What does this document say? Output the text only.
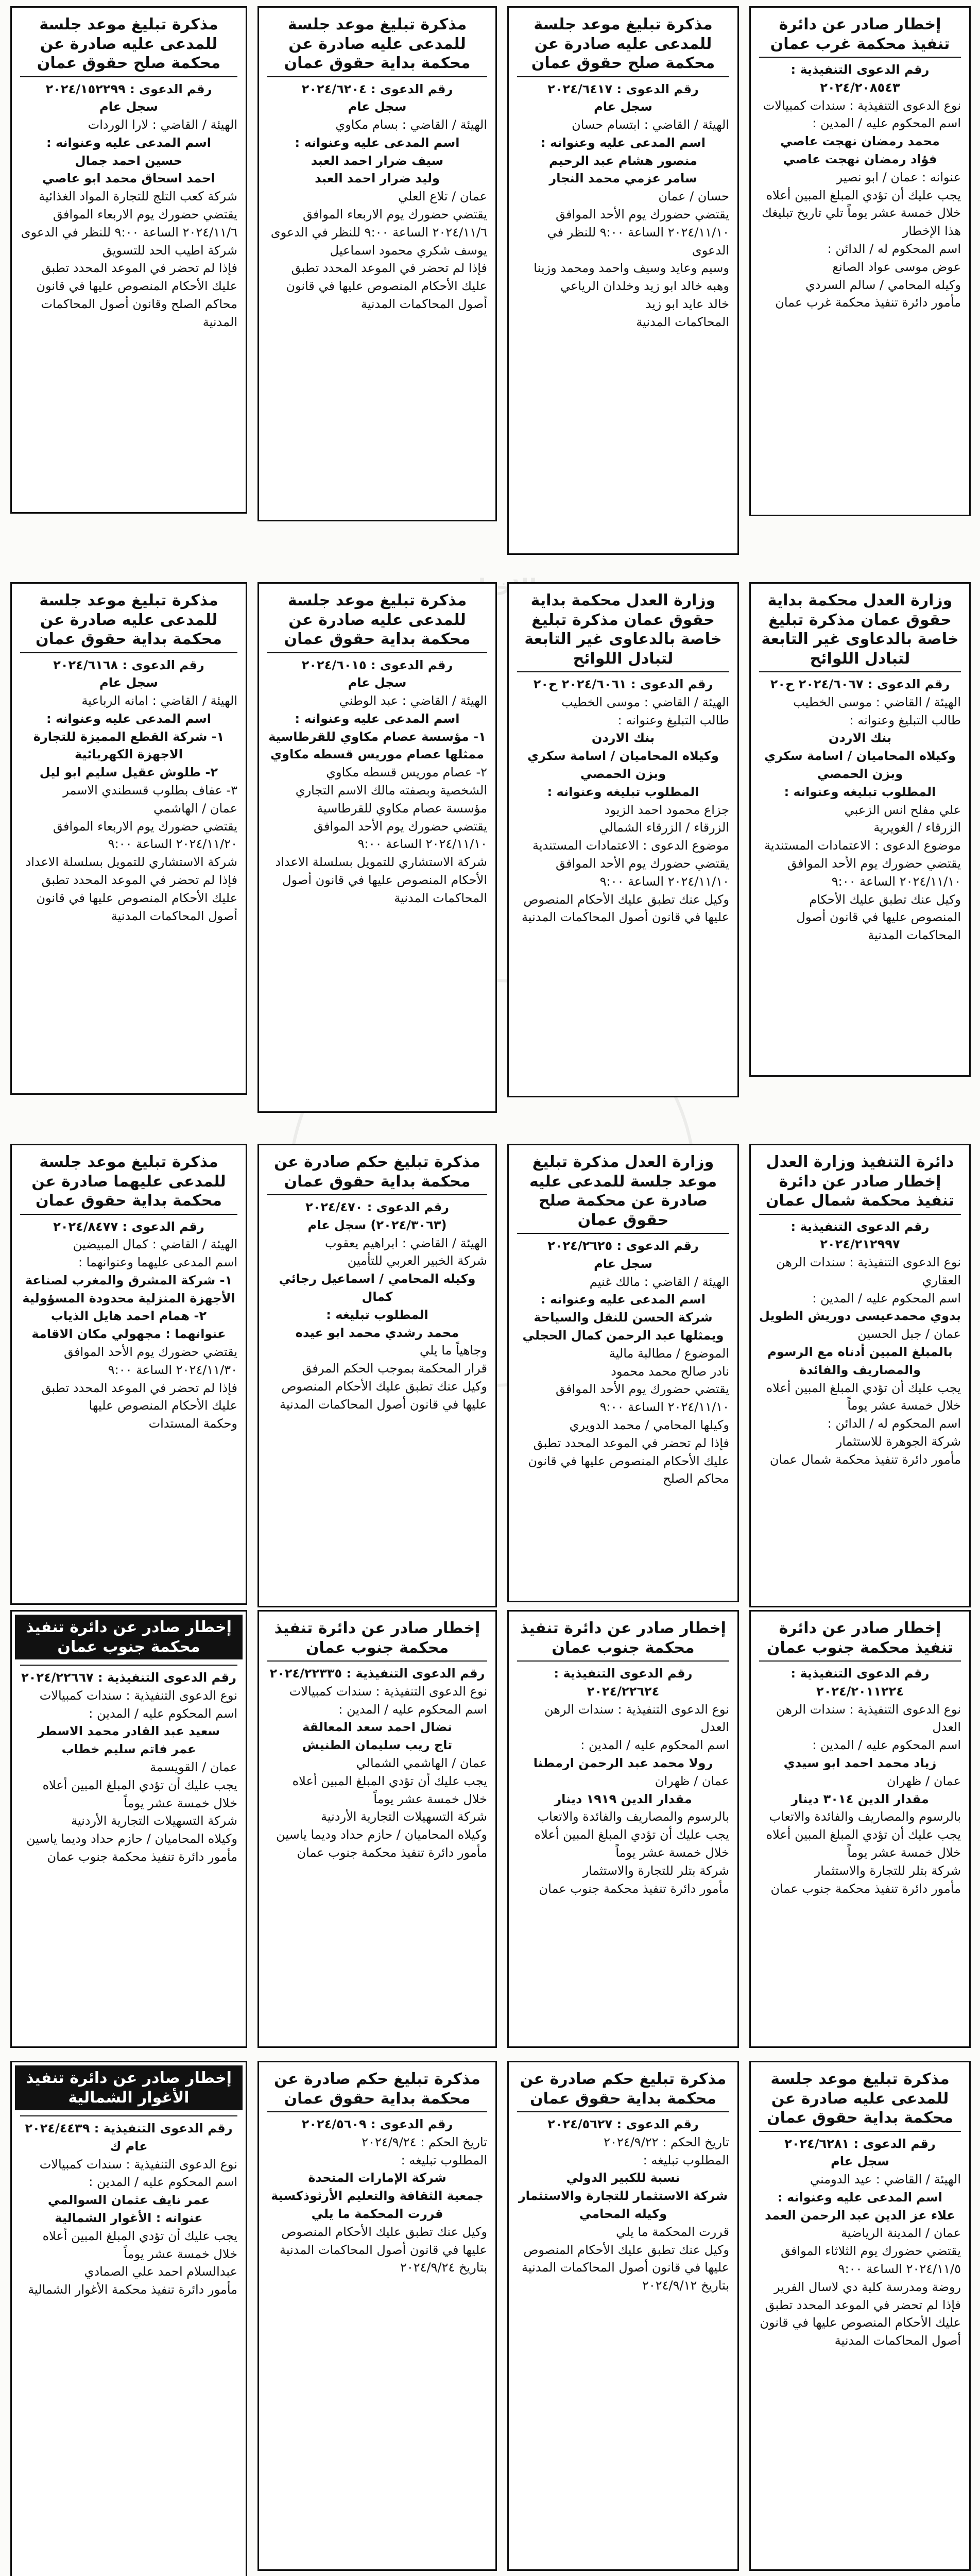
إخطار صادر عن دائرة تنفيذ محكمة غرب عمان
رقم الدعوى التنفيذية : ٢٠٢٤/٢٠٨٥٤٣
نوع الدعوى التنفيذية : سندات كمبيالات
اسم المحكوم عليه / المدين :
محمد رمضان نهجت عاصي
فؤاد رمضان نهجت عاصي
عنوانه : عمان / ابو نصير
يجب عليك أن تؤدي المبلغ المبين أعلاه خلال خمسة عشر يوماً تلي تاريخ تبليغك هذا الإخطار
اسم المحكوم له / الدائن :
عوض موسى عواد الصانع
وكيله المحامي / سالم السردي
مأمور دائرة تنفيذ محكمة غرب عمان
مذكرة تبليغ موعد جلسة للمدعى عليه صادرة عن محكمة صلح حقوق عمان
رقم الدعوى : ٢٠٢٤/٦٤١٧
سجل عام
الهيئة / القاضي : ابتسام حسان
اسم المدعى عليه وعنوانه :
منصور هشام عبد الرحيم
سامر عزمي محمد النجار
حسان / عمان
يقتضي حضورك يوم الأحد الموافق ٢٠٢٤/١١/١٠ الساعة ٩:٠٠ للنظر في الدعوى
وسيم وعايد وسيف واحمد ومحمد وزينا
وهبه خالد ابو زيد وخلدان الرياعي
خالد عايد ابو زيد
المحاكمات المدنية
مذكرة تبليغ موعد جلسة للمدعى عليه صادرة عن محكمة بداية حقوق عمان
رقم الدعوى : ٢٠٢٤/٦٢٠٤
سجل عام
الهيئة / القاضي : بسام مكاوي
اسم المدعى عليه وعنوانه :
سيف ضرار احمد العبد
وليد ضرار احمد العبد
عمان / تلاع العلي
يقتضي حضورك يوم الاربعاء الموافق ٢٠٢٤/١١/٦ الساعة ٩:٠٠ للنظر في الدعوى
يوسف شكري محمود اسماعيل
فإذا لم تحضر في الموعد المحدد تطبق عليك الأحكام المنصوص عليها في قانون أصول المحاكمات المدنية
مذكرة تبليغ موعد جلسة للمدعى عليه صادرة عن محكمة صلح حقوق عمان
رقم الدعوى : ٢٠٢٤/١٥٢٢٩٩
سجل عام
الهيئة / القاضي : لارا الوردات
اسم المدعى عليه وعنوانه :
حسين احمد جمال
احمد اسحاق محمد ابو عاصي
شركة كعب التلج للتجارة المواد الغذائية
يقتضي حضورك يوم الاربعاء الموافق ٢٠٢٤/١١/٦ الساعة ٩:٠٠ للنظر في الدعوى
شركة اطيب الحد للتسويق
فإذا لم تحضر في الموعد المحدد تطبق عليك الأحكام المنصوص عليها في قانون محاكم الصلح وقانون أصول المحاكمات المدنية
وزارة العدل محكمة بداية حقوق عمان مذكرة تبليغ خاصة بالدعاوى غير التابعة لتبادل اللوائح
رقم الدعوى : ٢٠٢٤/٦٠٦٧ ح٢٠
الهيئة / القاضي : موسى الخطيب
طالب التبليغ وعنوانه :
بنك الاردن
وكيلاه المحاميان / اسامة سكري وبزن الحمصي
المطلوب تبليغه وعنوانه :
علي مفلح انس الزعبي
الزرقاء / الغويرية
موضوع الدعوى : الاعتمادات المستندية
يقتضي حضورك يوم الأحد الموافق ٢٠٢٤/١١/١٠ الساعة ٩:٠٠
وكيل عنك تطبق عليك الأحكام المنصوص عليها في قانون أصول المحاكمات المدنية
وزارة العدل محكمة بداية حقوق عمان مذكرة تبليغ خاصة بالدعاوى غير التابعة لتبادل اللوائح
رقم الدعوى : ٢٠٢٤/٦٠٦١ ح٢٠
الهيئة / القاضي : موسى الخطيب
طالب التبليغ وعنوانه :
بنك الاردن
وكيلاه المحاميان / اسامة سكري وبزن الحمصي
المطلوب تبليغه وعنوانه :
جزاع محمود احمد الزيود
الزرقاء / الزرقاء الشمالي
موضوع الدعوى : الاعتمادات المستندية
يقتضي حضورك يوم الأحد الموافق ٢٠٢٤/١١/١٠ الساعة ٩:٠٠
وكيل عنك تطبق عليك الأحكام المنصوص عليها في قانون أصول المحاكمات المدنية
مذكرة تبليغ موعد جلسة للمدعى عليه صادرة عن محكمة بداية حقوق عمان
رقم الدعوى : ٢٠٢٤/٦٠١٥
سجل عام
الهيئة / القاضي : عبد الوطني
اسم المدعى عليه وعنوانه :
١- مؤسسة عصام مكاوي للقرطاسية
ممثلها عصام موريس قسطه مكاوي
٢- عصام موريس قسطه مكاوي
الشخصية وبصفته مالك الاسم التجاري
مؤسسة عصام مكاوي للقرطاسية
يقتضي حضورك يوم الأحد الموافق ٢٠٢٤/١١/١٠ الساعة ٩:٠٠
شركة الاستشاري للتمويل بسلسلة الاعداد
الأحكام المنصوص عليها في قانون أصول المحاكمات المدنية
مذكرة تبليغ موعد جلسة للمدعى عليه صادرة عن محكمة بداية حقوق عمان
رقم الدعوى : ٢٠٢٤/٦١٦٨
سجل عام
الهيئة / القاضي : امانه الرباعية
اسم المدعى عليه وعنوانه :
١- شركة القطع المميزة للتجارة الاجهزة الكهربائية
٢- طلوش عقيل سليم ابو ليل
٣- عفاف بطلوب قسطندي الاسمر
عمان / الهاشمي
يقتضي حضورك يوم الاربعاء الموافق ٢٠٢٤/١١/٢٠ الساعة ٩:٠٠
شركة الاستشاري للتمويل بسلسلة الاعداد
فإذا لم تحضر في الموعد المحدد تطبق عليك الأحكام المنصوص عليها في قانون أصول المحاكمات المدنية
دائرة التنفيذ وزارة العدل إخطار صادر عن دائرة تنفيذ محكمة شمال عمان
رقم الدعوى التنفيذية : ٢٠٢٤/٢١٢٩٩٧
نوع الدعوى التنفيذية : سندات الرهن العقاري
اسم المحكوم عليه / المدين :
بدوي محمدعيسى دوريش الطويل
عمان / جبل الحسين
بالمبلغ المبين أدناه مع الرسوم والمصاريف والفائدة
يجب عليك أن تؤدي المبلغ المبين أعلاه خلال خمسة عشر يوماً
اسم المحكوم له / الدائن :
شركة الجوهرة للاستثمار
مأمور دائرة تنفيذ محكمة شمال عمان
وزارة العدل مذكرة تبليغ موعد جلسة للمدعى عليه صادرة عن محكمة صلح حقوق عمان
رقم الدعوى : ٢٠٢٤/٢٦٢٥
سجل عام
الهيئة / القاضي : مالك غنيم
اسم المدعى عليه وعنوانه :
شركة الحسن للنقل والسياحة
ويمثلها عبد الرحمن كمال الحجلي
الموضوع / مطالبة مالية
نادر صالح محمد محمود
يقتضي حضورك يوم الأحد الموافق ٢٠٢٤/١١/١٠ الساعة ٩:٠٠
وكيلها المحامي / محمد الدويري
فإذا لم تحضر في الموعد المحدد تطبق عليك الأحكام المنصوص عليها في قانون محاكم الصلح
مذكرة تبليغ حكم صادرة عن محكمة بداية حقوق عمان
رقم الدعوى : ٢٠٢٤/٤٧٠ (٢٠٢٤/٣٠٦٣) سجل عام
الهيئة / القاضي : ابراهيم يعقوب
شركة الخبير العربي للتأمين
وكيله المحامي / اسماعيل رجائي كمال
المطلوب تبليغه :
محمد رشدي محمد ابو عيده
وجاهياً ما يلي
قرار المحكمة بموجب الحكم المرفق
وكيل عنك تطبق عليك الأحكام المنصوص عليها في قانون أصول المحاكمات المدنية
مذكرة تبليغ موعد جلسة للمدعى عليهما صادرة عن محكمة بداية حقوق عمان
رقم الدعوى : ٢٠٢٤/٨٤٧٧
الهيئة / القاضي : كمال المبيضين
اسم المدعى عليهما وعنوانهما :
١- شركة المشرق والمغرب لصناعة الأجهزة المنزلية محدودة المسؤولية
٢- همام احمد هايل الذياب
عنوانهما : مجهولي مكان الاقامة
يقتضي حضورك يوم الأحد الموافق ٢٠٢٤/١١/٣٠ الساعة ٩:٠٠
فإذا لم تحضر في الموعد المحدد تطبق عليك الأحكام المنصوص عليها
وحكمة المستدات
إخطار صادر عن دائرة تنفيذ محكمة جنوب عمان
رقم الدعوى التنفيذية : ٢٠٢٤/٢٠١١٢٢٤
نوع الدعوى التنفيذية : سندات الرهن العدل
اسم المحكوم عليه / المدين :
زياد محمد احمد ابو سيدي
عمان / ظهران
مقدار الدين ٣٠١٤ دينار
بالرسوم والمصاريف والفائدة والاتعاب
يجب عليك أن تؤدي المبلغ المبين أعلاه خلال خمسة عشر يوماً
شركة بتلر للتجارة والاستثمار
مأمور دائرة تنفيذ محكمة جنوب عمان
إخطار صادر عن دائرة تنفيذ محكمة جنوب عمان
رقم الدعوى التنفيذية : ٢٠٢٤/٢٢٦٢٤
نوع الدعوى التنفيذية : سندات الرهن العدل
اسم المحكوم عليه / المدين :
رولا محمد عبد الرحمن ارمطنا
عمان / ظهران
مقدار الدين ١٩١٩ دينار
بالرسوم والمصاريف والفائدة والاتعاب
يجب عليك أن تؤدي المبلغ المبين أعلاه خلال خمسة عشر يوماً
شركة بتلر للتجارة والاستثمار
مأمور دائرة تنفيذ محكمة جنوب عمان
إخطار صادر عن دائرة تنفيذ محكمة جنوب عمان
رقم الدعوى التنفيذية : ٢٠٢٤/٢٢٣٣٥
نوع الدعوى التنفيذية : سندات كمبيالات
اسم المحكوم عليه / المدين :
نضال احمد سعد المعالقة
تاج ريب سليمان الطنيش
عمان / الهاشمي الشمالي
يجب عليك أن تؤدي المبلغ المبين أعلاه خلال خمسة عشر يوماً
شركة التسهيلات التجارية الأردنية
وكيلاه المحاميان / حازم حداد وديما ياسين
مأمور دائرة تنفيذ محكمة جنوب عمان
إخطار صادر عن دائرة تنفيذ محكمة جنوب عمان
رقم الدعوى التنفيذية : ٢٠٢٤/٢٢٦٦٧
نوع الدعوى التنفيذية : سندات كمبيالات
اسم المحكوم عليه / المدين :
سعيد عبد القادر محمد الاسطر
عمر فاتم سليم خطاب
عمان / القويسمة
يجب عليك أن تؤدي المبلغ المبين أعلاه خلال خمسة عشر يوماً
شركة التسهيلات التجارية الأردنية
وكيلاه المحاميان / حازم حداد وديما ياسين
مأمور دائرة تنفيذ محكمة جنوب عمان
مذكرة تبليغ موعد جلسة للمدعى عليه صادرة عن محكمة بداية حقوق عمان
رقم الدعوى : ٢٠٢٤/٦٢٨١
سجل عام
الهيئة / القاضي : عيد الدومني
اسم المدعى عليه وعنوانه :
علاء عز الدين عبد الرحمن العمد
عمان / المدينة الرياضية
يقتضي حضورك يوم الثلاثاء الموافق ٢٠٢٤/١١/٥ الساعة ٩:٠٠
روضة ومدرسة كلية دي لاسال الفرير
فإذا لم تحضر في الموعد المحدد تطبق عليك الأحكام المنصوص عليها في قانون أصول المحاكمات المدنية
مذكرة تبليغ حكم صادرة عن محكمة بداية حقوق عمان
رقم الدعوى : ٢٠٢٤/٥٦٢٧
تاريخ الحكم : ٢٠٢٤/٩/٢٢
المطلوب تبليغه :
نسبة للكبير الدولي
شركة الاستثمار للتجارة والاستثمار
وكيله المحامي
قررت المحكمة ما يلي
وكيل عنك تطبق عليك الأحكام المنصوص عليها في قانون أصول المحاكمات المدنية
بتاريخ ٢٠٢٤/٩/١٢
مذكرة تبليغ حكم صادرة عن محكمة بداية حقوق عمان
رقم الدعوى : ٢٠٢٤/٥٦٠٩
تاريخ الحكم : ٢٠٢٤/٩/٢٤
المطلوب تبليغه :
شركة الإمارات المتحدة
جمعية الثقافة والتعليم الأرثوذكسية
قررت المحكمة ما يلي
وكيل عنك تطبق عليك الأحكام المنصوص عليها في قانون أصول المحاكمات المدنية
بتاريخ ٢٠٢٤/٩/٢٤
إخطار صادر عن دائرة تنفيذ الأغوار الشمالية
رقم الدعوى التنفيذية : ٢٠٢٤/٤٤٣٩ عام ك
نوع الدعوى التنفيذية : سندات كمبيالات
اسم المحكوم عليه / المدين :
عمر نايف عثمان السوالمي
عنوانه : الأغوار الشمالية
يجب عليك أن تؤدي المبلغ المبين أعلاه خلال خمسة عشر يوماً
عبدالسلام احمد علي الصمادي
مأمور دائرة تنفيذ محكمة الأغوار الشمالية
